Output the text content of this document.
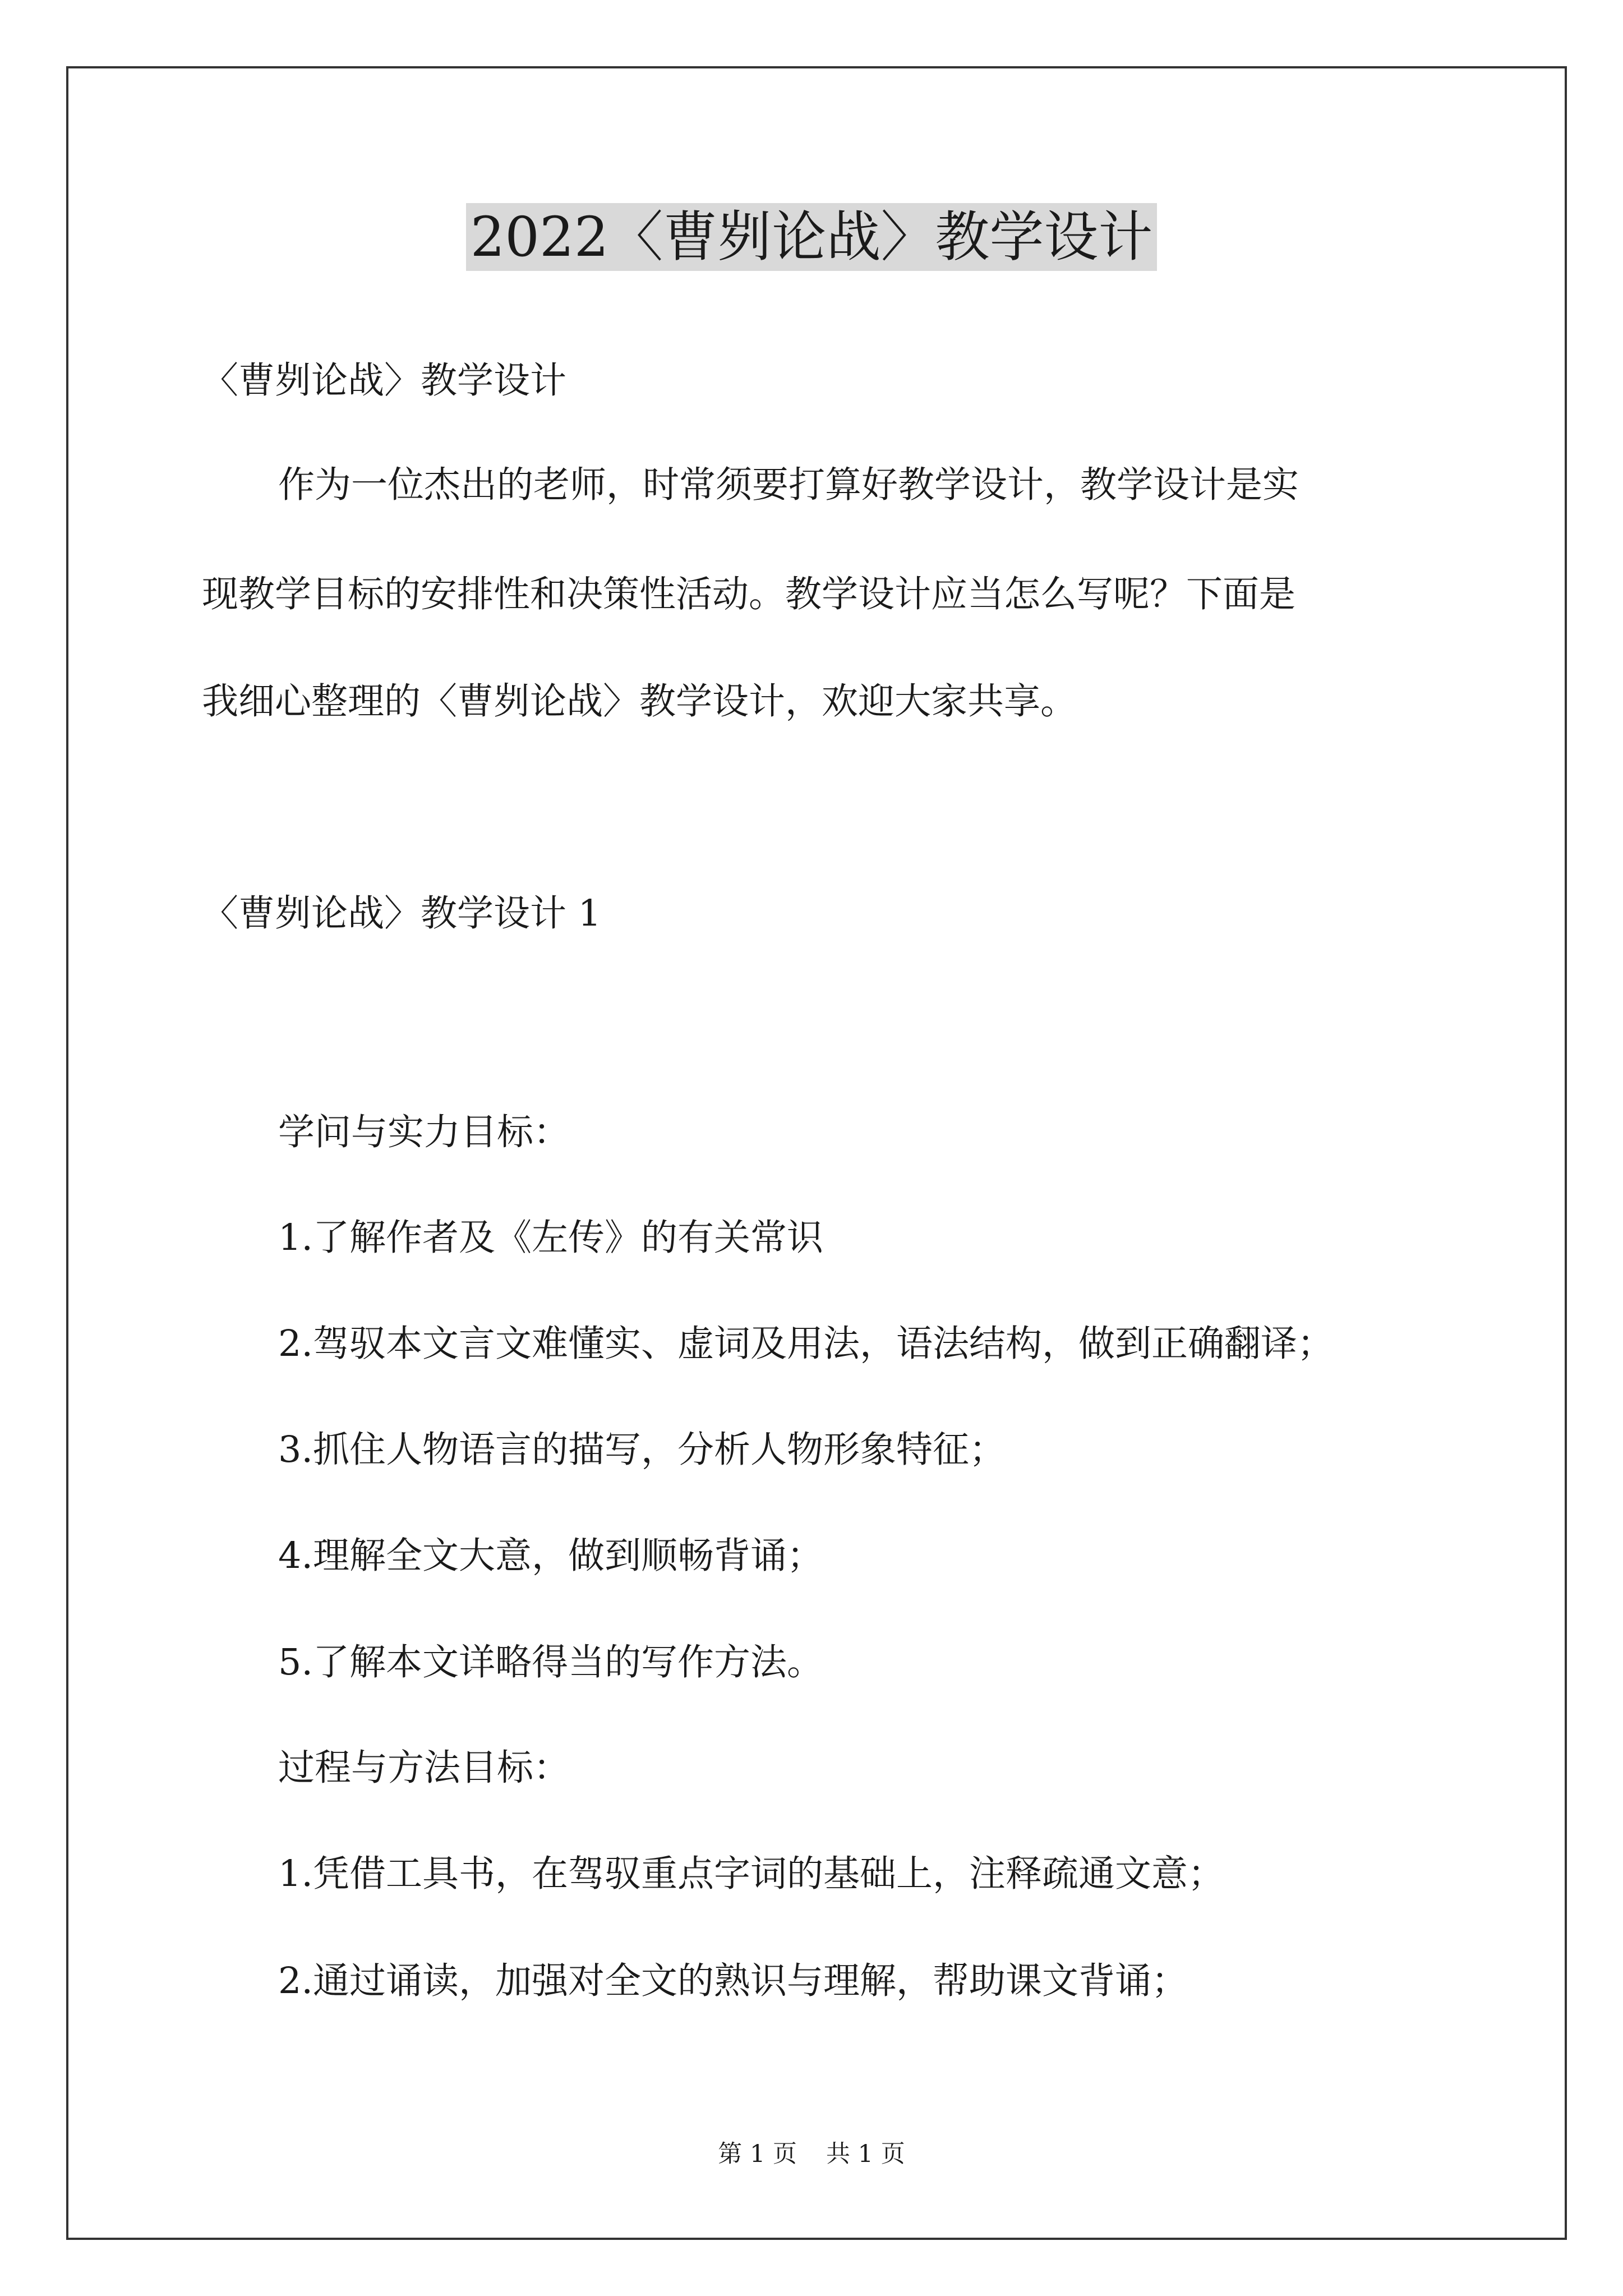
2022〈曹刿论战〉教学设计

〈曹刿论战〉教学设计

作为一位杰出的老师，时常须要打算好教学设计，教学设计是实

现教学目标的安排性和决策性活动。教学设计应当怎么写呢？下面是

我细心整理的〈曹刿论战〉教学设计，欢迎大家共享。

〈曹刿论战〉教学设计 1

学问与实力目标：

1.了解作者及《左传》的有关常识

2.驾驭本文言文难懂实、虚词及用法，语法结构，做到正确翻译；

3.抓住人物语言的描写，分析人物形象特征；

4.理解全文大意，做到顺畅背诵；

5.了解本文详略得当的写作方法。

过程与方法目标：

1.凭借工具书，在驾驭重点字词的基础上，注释疏通文意；

2.通过诵读，加强对全文的熟识与理解，帮助课文背诵；

第 1 页 共 1 页
